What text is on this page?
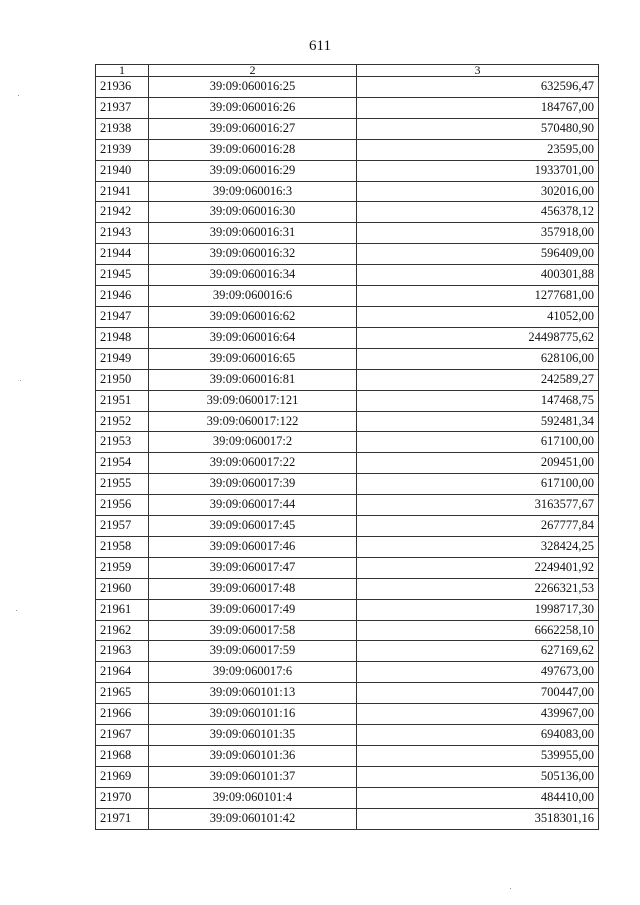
611
1	2	3
21936	39:09:060016:25	632596,47
21937	39:09:060016:26	184767,00
21938	39:09:060016:27	570480,90
21939	39:09:060016:28	23595,00
21940	39:09:060016:29	1933701,00
21941	39:09:060016:3	302016,00
21942	39:09:060016:30	456378,12
21943	39:09:060016:31	357918,00
21944	39:09:060016:32	596409,00
21945	39:09:060016:34	400301,88
21946	39:09:060016:6	1277681,00
21947	39:09:060016:62	41052,00
21948	39:09:060016:64	24498775,62
21949	39:09:060016:65	628106,00
21950	39:09:060016:81	242589,27
21951	39:09:060017:121	147468,75
21952	39:09:060017:122	592481,34
21953	39:09:060017:2	617100,00
21954	39:09:060017:22	209451,00
21955	39:09:060017:39	617100,00
21956	39:09:060017:44	3163577,67
21957	39:09:060017:45	267777,84
21958	39:09:060017:46	328424,25
21959	39:09:060017:47	2249401,92
21960	39:09:060017:48	2266321,53
21961	39:09:060017:49	1998717,30
21962	39:09:060017:58	6662258,10
21963	39:09:060017:59	627169,62
21964	39:09:060017:6	497673,00
21965	39:09:060101:13	700447,00
21966	39:09:060101:16	439967,00
21967	39:09:060101:35	694083,00
21968	39:09:060101:36	539955,00
21969	39:09:060101:37	505136,00
21970	39:09:060101:4	484410,00
21971	39:09:060101:42	3518301,16
